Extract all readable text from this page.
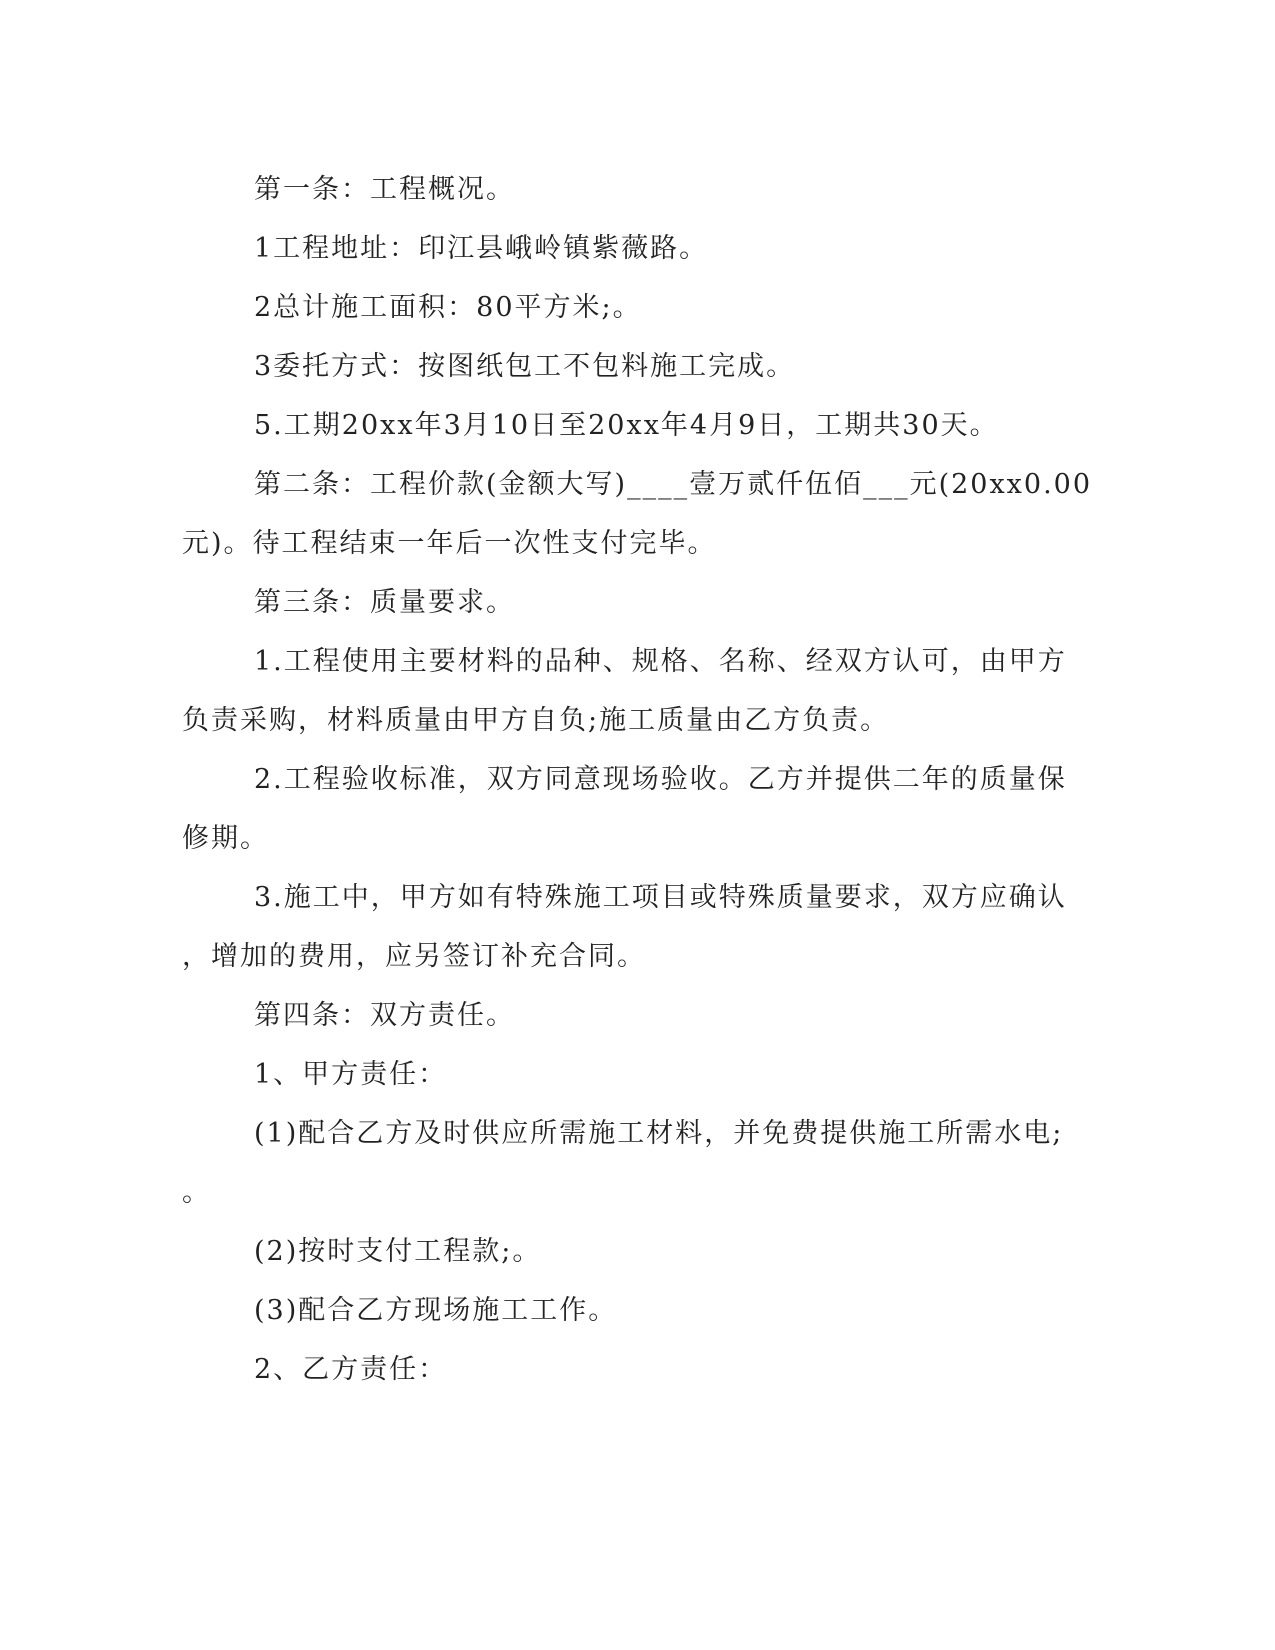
第一条：工程概况。

1工程地址：印江县峨岭镇紫薇路。

2总计施工面积：80平方米;。

3委托方式：按图纸包工不包料施工完成。

5.工期20xx年3月10日至20xx年4月9日，工期共30天。

第二条：工程价款(金额大写)____壹万贰仟伍佰___元(20xx0.00

元)。待工程结束一年后一次性支付完毕。

第三条：质量要求。

1.工程使用主要材料的品种、规格、名称、经双方认可，由甲方

负责采购，材料质量由甲方自负;施工质量由乙方负责。

2.工程验收标准，双方同意现场验收。乙方并提供二年的质量保

修期。

3.施工中，甲方如有特殊施工项目或特殊质量要求，双方应确认

，增加的费用，应另签订补充合同。

第四条：双方责任。

1、甲方责任：

(1)配合乙方及时供应所需施工材料，并免费提供施工所需水电;

。

(2)按时支付工程款;。

(3)配合乙方现场施工工作。

2、乙方责任：
